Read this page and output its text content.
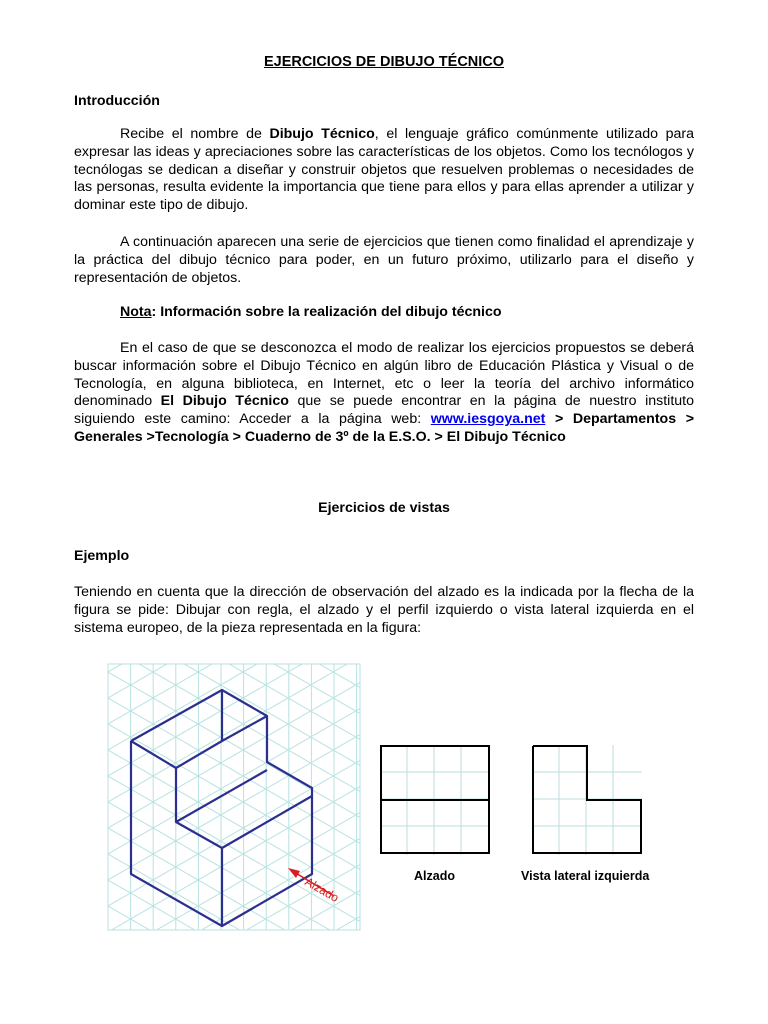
EJERCICIOS DE DIBUJO TÉCNICO
Introducción

Recibe el nombre de Dibujo Técnico, el lenguaje gráfico comúnmente utilizado para expresar las ideas y apreciaciones sobre las características de los objetos. Como los tecnólogos y tecnólogas se dedican a diseñar y construir objetos que resuelven problemas o necesidades de las personas, resulta evidente la importancia que tiene para ellos y para ellas aprender a utilizar y dominar este tipo de dibujo.

A continuación aparecen una serie de ejercicios que tienen como finalidad el aprendizaje y la práctica del dibujo técnico para poder, en un futuro próximo, utilizarlo para el diseño y representación de objetos.

Nota: Información sobre la realización del dibujo técnico

En el caso de que se desconozca el modo de realizar los ejercicios propuestos se deberá buscar información sobre el Dibujo Técnico en algún libro de Educación Plástica y Visual o de Tecnología, en alguna biblioteca, en Internet, etc o leer la teoría del archivo informático denominado El Dibujo Técnico que se puede encontrar en la página de nuestro instituto siguiendo este camino: Acceder a la página web: www.iesgoya.net > Departamentos > Generales >Tecnología > Cuaderno de 3º de la E.S.O. > El Dibujo Técnico

Ejercicios de vistas
Ejemplo

Teniendo en cuenta que la dirección de observación del alzado es la indicada por la flecha de la figura se pide: Dibujar con regla, el alzado y el perfil izquierdo o vista lateral izquierda en el sistema europeo, de la pieza representada en la figura:

Alzado	Alzado	Vista lateral izquierda
